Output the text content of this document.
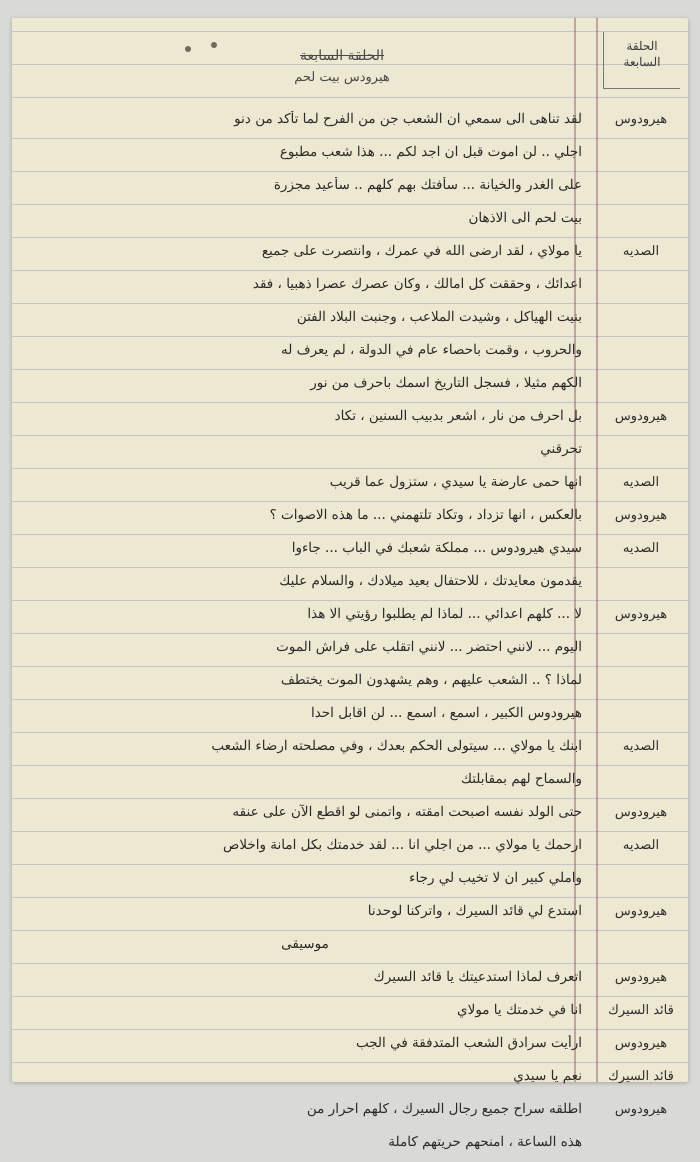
الحلقة
السابعة
الحلقة السابعة
هيرودس بيت لحم
هيرودوس
لقد تناهى الى سمعي ان الشعب جن من الفرح لما تأكد من دنو
اجلي .. لن اموت قبل ان اجد لكم ... هذا شعب مطبوع
على الغدر والخيانة ... سأفتك بهم كلهم .. سأعيد مجزرة
بيت لحم الى الاذهان
الصديه
يا مولاي ، لقد ارضى الله في عمرك ، وانتصرت على جميع
اعدائك ، وحققت كل امالك ، وكان عصرك عصرا ذهبيا ، فقد
بنيت الهياكل ، وشيدت الملاعب ، وجنبت البلاد الفتن
والحروب ، وقمت باحصاء عام في الدولة ، لم يعرف له
الكهم مثيلا ، فسجل التاريخ اسمك باحرف من نور
هيرودوس
بل احرف من نار ، اشعر بدبيب السنين ، تكاد
تحرقني
الصديه
انها حمى عارضة يا سيدي ، ستزول عما قريب
هيرودوس
بالعكس ، انها تزداد ، وتكاد تلتهمني ... ما هذه الاصوات ؟
الصديه
سيدي هيرودوس ... مملكة شعبك في الباب ... جاءوا
يقدمون معايدتك ، للاحتفال بعيد ميلادك ، والسلام عليك
هيرودوس
لا ... كلهم اعدائي ... لماذا لم يطلبوا رؤيتي الا هذا
اليوم ... لانني احتضر ... لانني اتقلب على فراش الموت
لماذا ؟ .. الشعب عليهم ، وهم يشهدون الموت يختطف
هيرودوس الكبير ، اسمع ، اسمع ... لن اقابل احدا
الصديه
ابنك يا مولاي ... سيتولى الحكم بعدك ، وفي مصلحته ارضاء الشعب
والسماح لهم بمقابلتك
هيرودوس
حتى الولد نفسه اصبحت امقته ، واتمنى لو اقطع الآن على عنقه
الصديه
ارحمك يا مولاي ... من اجلي انا ... لقد خدمتك بكل امانة واخلاص
واملي كبير ان لا تخيب لي رجاء
هيرودوس
استدع لي قائد السيرك ، واتركنا لوحدنا
موسيقى
هيرودوس
اتعرف لماذا استدعيتك يا قائد السيرك
قائد السيرك
انا في خدمتك يا مولاي
هيرودوس
ارأيت سرادق الشعب المتدفقة في الجب
قائد السيرك
نعم يا سيدي
هيرودوس
اطلقه سراح جميع رجال السيرك ، كلهم احرار من
هذه الساعة ، امنحهم حريتهم كاملة
